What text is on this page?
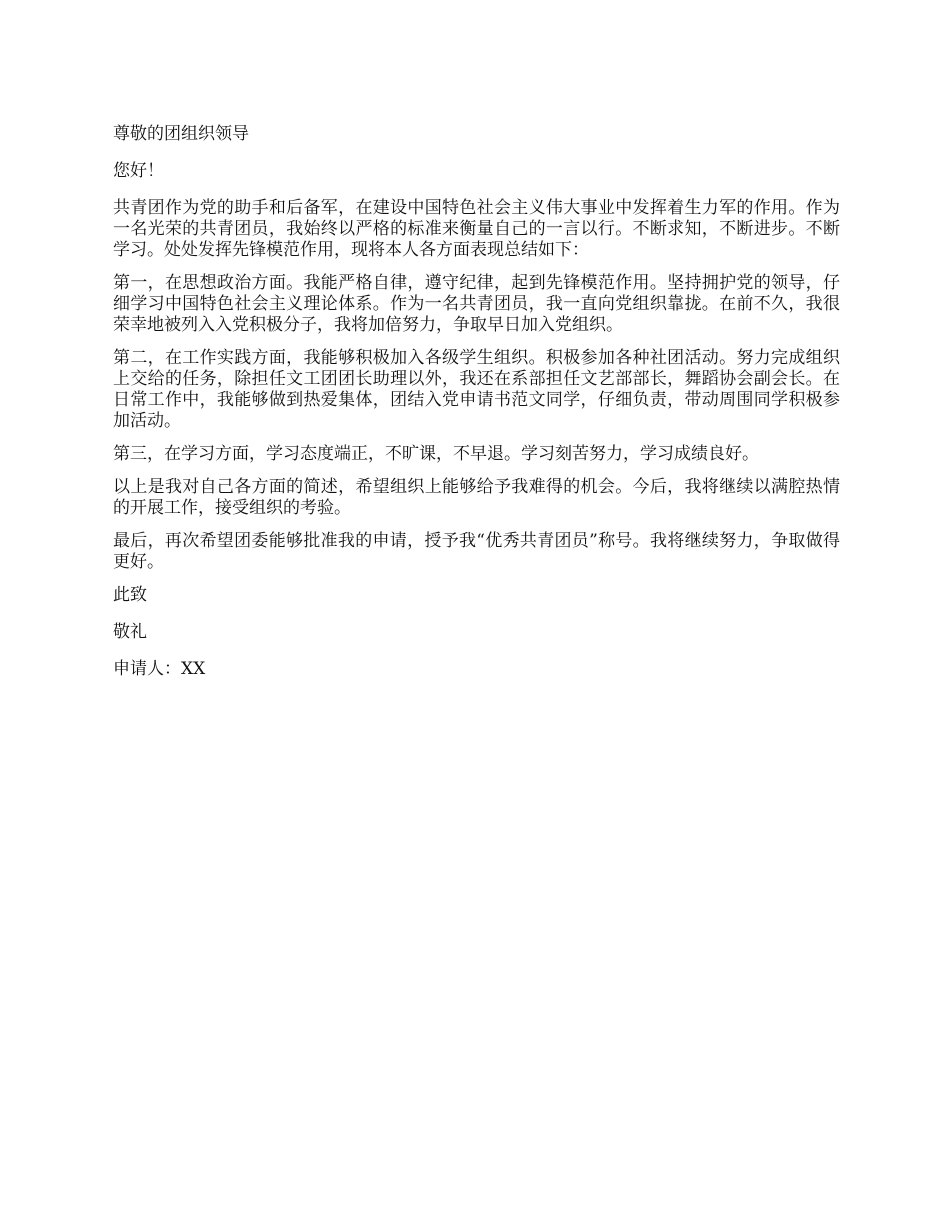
尊敬的团组织领导

您好！

共青团作为党的助手和后备军，在建设中国特色社会主义伟大事业中发挥着生力军的作用。作为一名光荣的共青团员，我始终以严格的标准来衡量自己的一言以行。不断求知，不断进步。不断学习。处处发挥先锋模范作用，现将本人各方面表现总结如下：

第一，在思想政治方面。我能严格自律，遵守纪律，起到先锋模范作用。坚持拥护党的领导，仔细学习中国特色社会主义理论体系。作为一名共青团员，我一直向党组织靠拢。在前不久，我很荣幸地被列入入党积极分子，我将加倍努力，争取早日加入党组织。

第二，在工作实践方面，我能够积极加入各级学生组织。积极参加各种社团活动。努力完成组织上交给的任务，除担任文工团团长助理以外，我还在系部担任文艺部部长，舞蹈协会副会长。在日常工作中，我能够做到热爱集体，团结入党申请书范文同学，仔细负责，带动周围同学积极参加活动。

第三，在学习方面，学习态度端正，不旷课，不早退。学习刻苦努力，学习成绩良好。

以上是我对自己各方面的简述，希望组织上能够给予我难得的机会。今后，我将继续以满腔热情的开展工作，接受组织的考验。

最后，再次希望团委能够批准我的申请，授予我“优秀共青团员”称号。我将继续努力，争取做得更好。

此致

敬礼

申请人：XX
